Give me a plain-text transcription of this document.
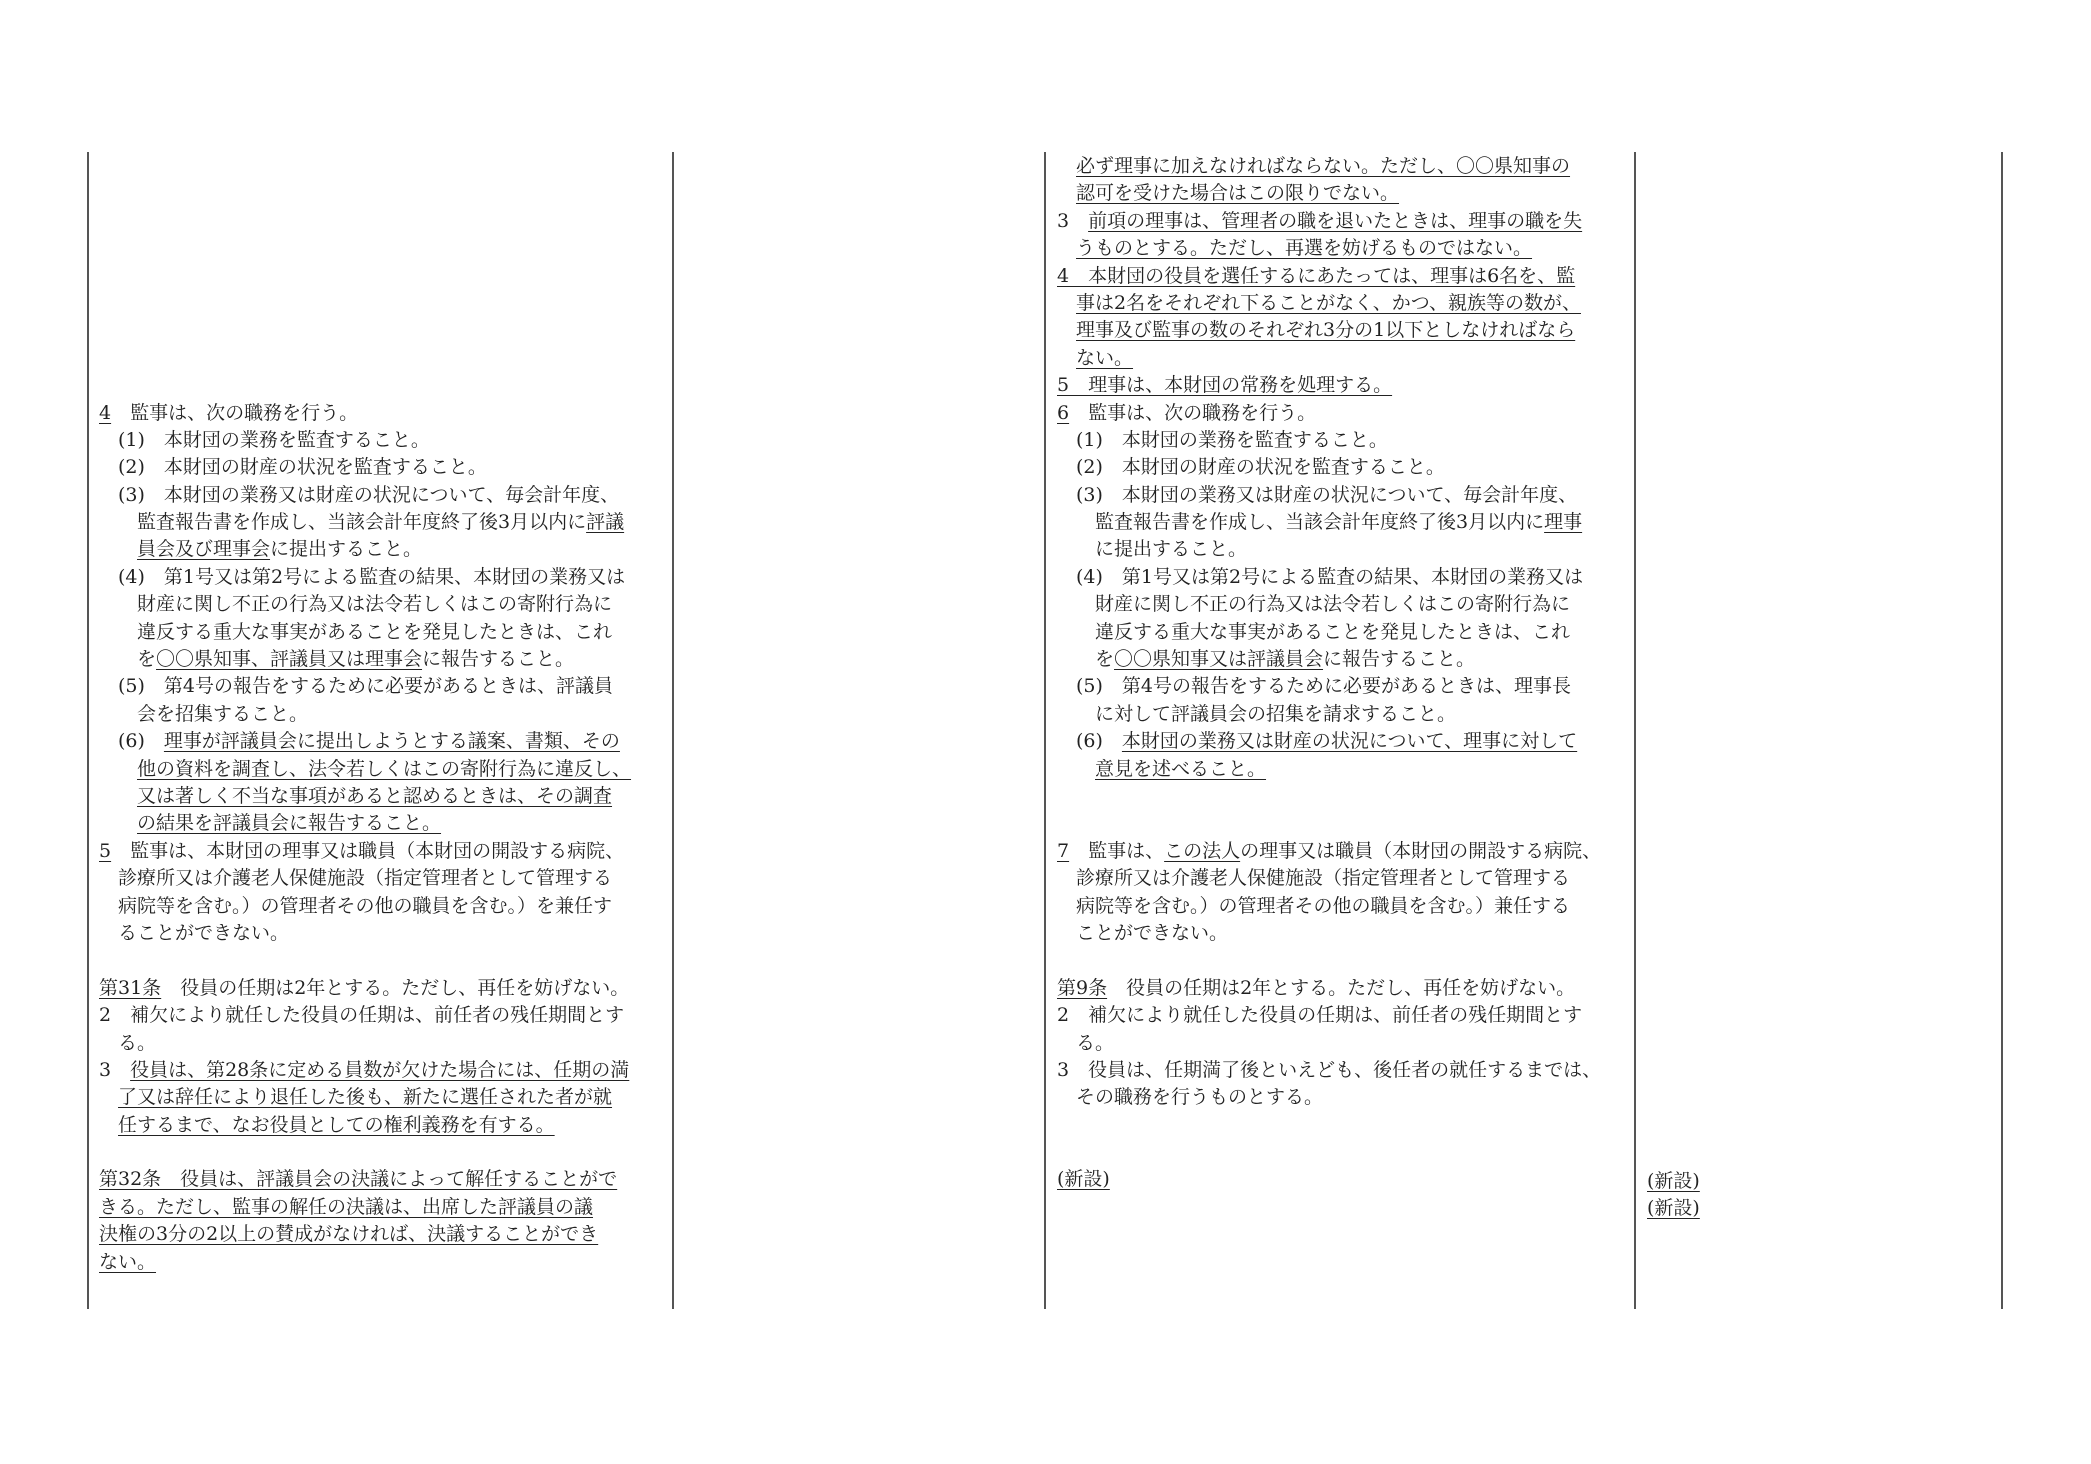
4　監事は、次の職務を行う。
　(1)　本財団の業務を監査すること。
　(2)　本財団の財産の状況を監査すること。
　(3)　本財団の業務又は財産の状況について、毎会計年度、
　　監査報告書を作成し、当該会計年度終了後3月以内に評議
　　員会及び理事会に提出すること。
　(4)　第1号又は第2号による監査の結果、本財団の業務又は
　　財産に関し不正の行為又は法令若しくはこの寄附行為に
　　違反する重大な事実があることを発見したときは、これ
　　を〇〇県知事、評議員又は理事会に報告すること。
　(5)　第4号の報告をするために必要があるときは、評議員
　　会を招集すること。
　(6)　理事が評議員会に提出しようとする議案、書類、その
　　他の資料を調査し、法令若しくはこの寄附行為に違反し、
　　又は著しく不当な事項があると認めるときは、その調査
　　の結果を評議員会に報告すること。
5　監事は、本財団の理事又は職員（本財団の開設する病院、
　診療所又は介護老人保健施設（指定管理者として管理する
　病院等を含む。）の管理者その他の職員を含む。）を兼任す
　ることができない。
第31条　役員の任期は2年とする。ただし、再任を妨げない。
2　補欠により就任した役員の任期は、前任者の残任期間とす
　る。
3　役員は、第28条に定める員数が欠けた場合には、任期の満
　了又は辞任により退任した後も、新たに選任された者が就
　任するまで、なお役員としての権利義務を有する。
第32条　役員は、評議員会の決議によって解任することがで
きる。ただし、監事の解任の決議は、出席した評議員の議
決権の3分の2以上の賛成がなければ、決議することができ
ない。
　必ず理事に加えなければならない。ただし、〇〇県知事の
　認可を受けた場合はこの限りでない。
3　前項の理事は、管理者の職を退いたときは、理事の職を失
　うものとする。ただし、再選を妨げるものではない。
4　本財団の役員を選任するにあたっては、理事は6名を、監
　事は2名をそれぞれ下ることがなく、かつ、親族等の数が、
　理事及び監事の数のそれぞれ3分の1以下としなければなら
　ない。
5　理事は、本財団の常務を処理する。
6　監事は、次の職務を行う。
　(1)　本財団の業務を監査すること。
　(2)　本財団の財産の状況を監査すること。
　(3)　本財団の業務又は財産の状況について、毎会計年度、
　　監査報告書を作成し、当該会計年度終了後3月以内に理事
　　に提出すること。
　(4)　第1号又は第2号による監査の結果、本財団の業務又は
　　財産に関し不正の行為又は法令若しくはこの寄附行為に
　　違反する重大な事実があることを発見したときは、これ
　　を〇〇県知事又は評議員会に報告すること。
　(5)　第4号の報告をするために必要があるときは、理事長
　　に対して評議員会の招集を請求すること。
　(6)　本財団の業務又は財産の状況について、理事に対して
　　意見を述べること。
7　監事は、この法人の理事又は職員（本財団の開設する病院、
　診療所又は介護老人保健施設（指定管理者として管理する
　病院等を含む。）の管理者その他の職員を含む。）兼任する
　ことができない。
第9条　役員の任期は2年とする。ただし、再任を妨げない。
2　補欠により就任した役員の任期は、前任者の残任期間とす
　る。
3　役員は、任期満了後といえども、後任者の就任するまでは、
　その職務を行うものとする。
(新設)	(新設)
(新設)
